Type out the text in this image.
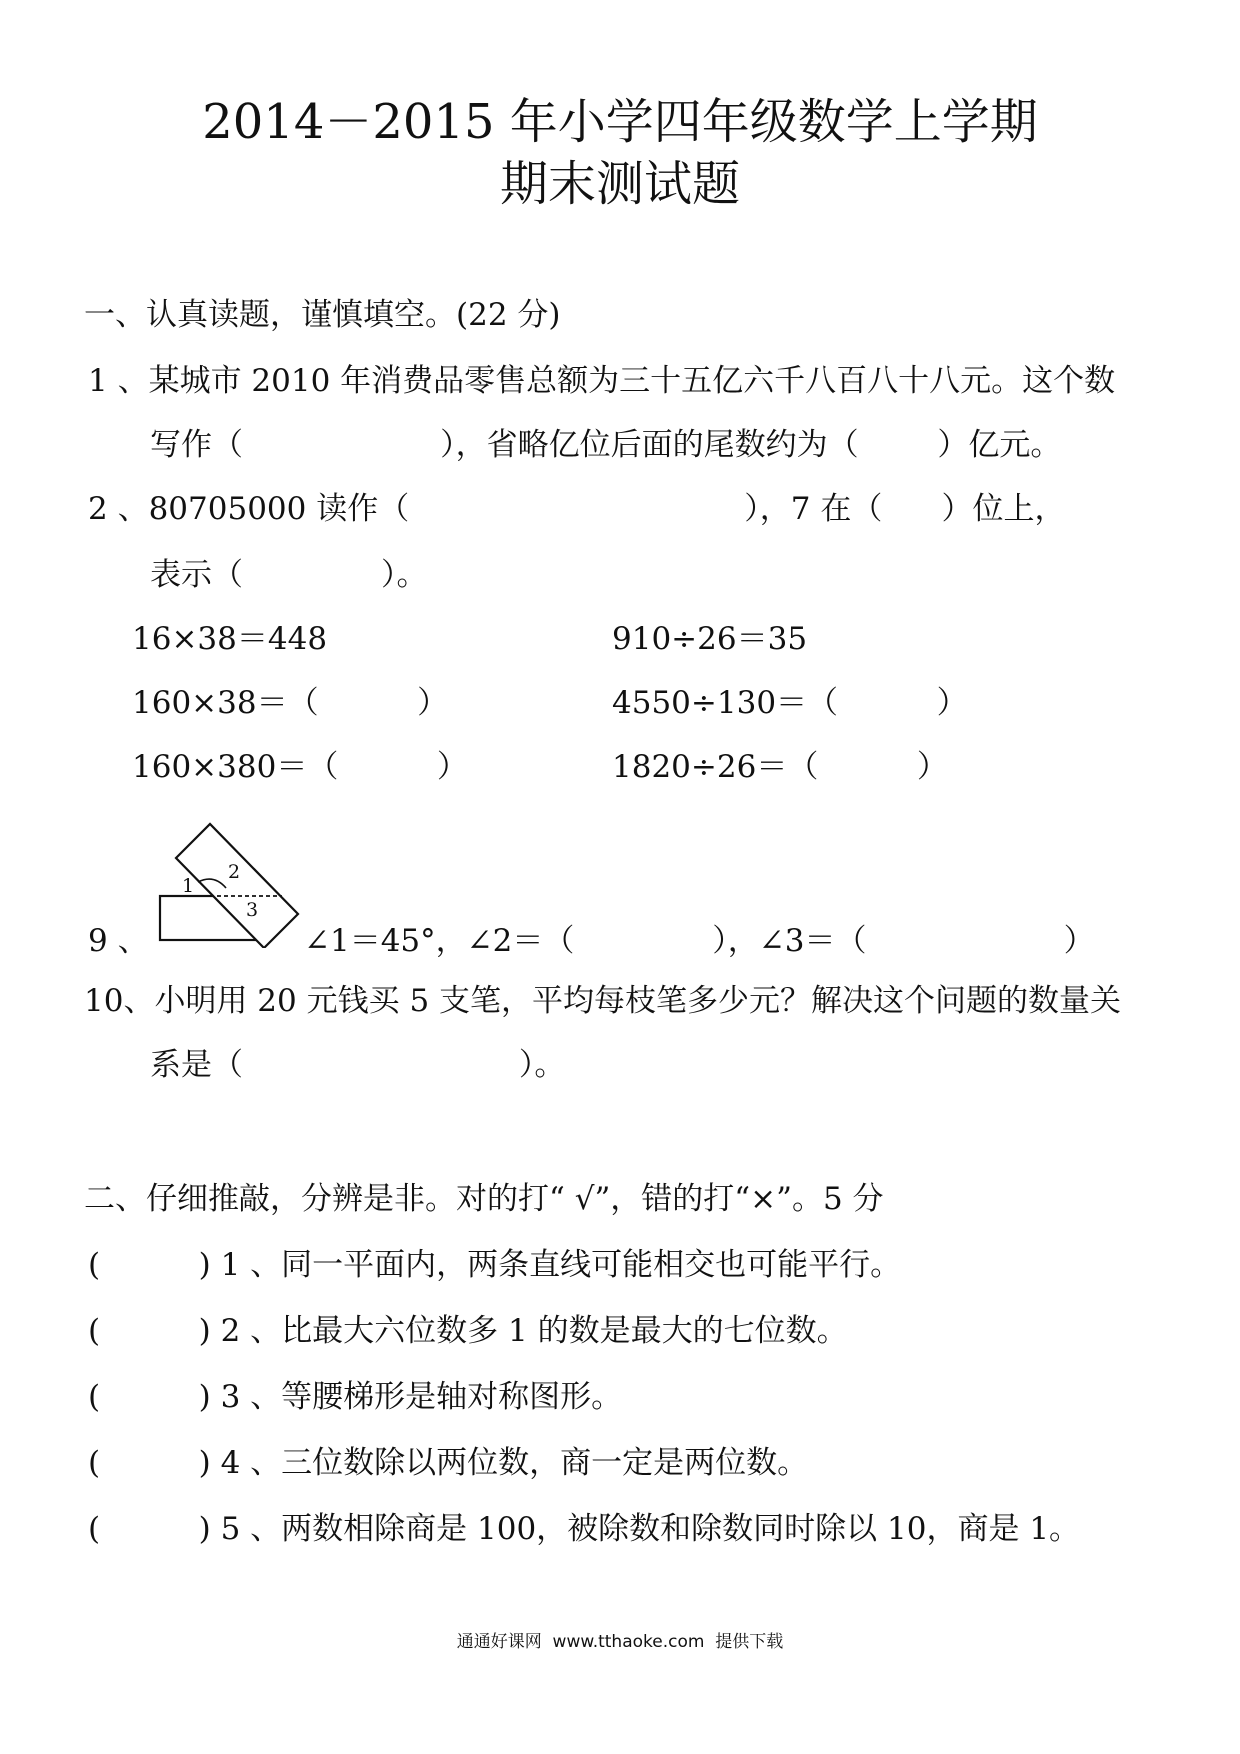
2014－2015 年小学四年级数学上学期
期末测试题
一、认真读题，谨慎填空。(22 分)
1 、某城市 2010 年消费品零售总额为三十五亿六千八百八十八元。这个数
写作（                    ），省略亿位后面的尾数约为（        ）亿元。
2 、80705000 读作（                                  ），7 在（      ）位上，
表示（              ）。
16×38＝448
160×38＝（          ）
160×380＝（          ）
910÷26＝35
4550÷130＝（          ）
1820÷26＝（          ）
1
2
3
9 、	∠1＝45°，∠2＝（              ），∠3＝（                    ）
10、小明用 20 元钱买 5 支笔，平均每枝笔多少元？解决这个问题的数量关
系是（                            ）。
二、仔细推敲，分辨是非。对的打“ √”，错的打“×”。5 分
(          ) 1 、同一平面内，两条直线可能相交也可能平行。
(          ) 2 、比最大六位数多 1 的数是最大的七位数。
(          ) 3 、等腰梯形是轴对称图形。
(          ) 4 、三位数除以两位数，商一定是两位数。
(          ) 5 、两数相除商是 100，被除数和除数同时除以 10，商是 1。
通通好课网  www.tthaoke.com  提供下载
